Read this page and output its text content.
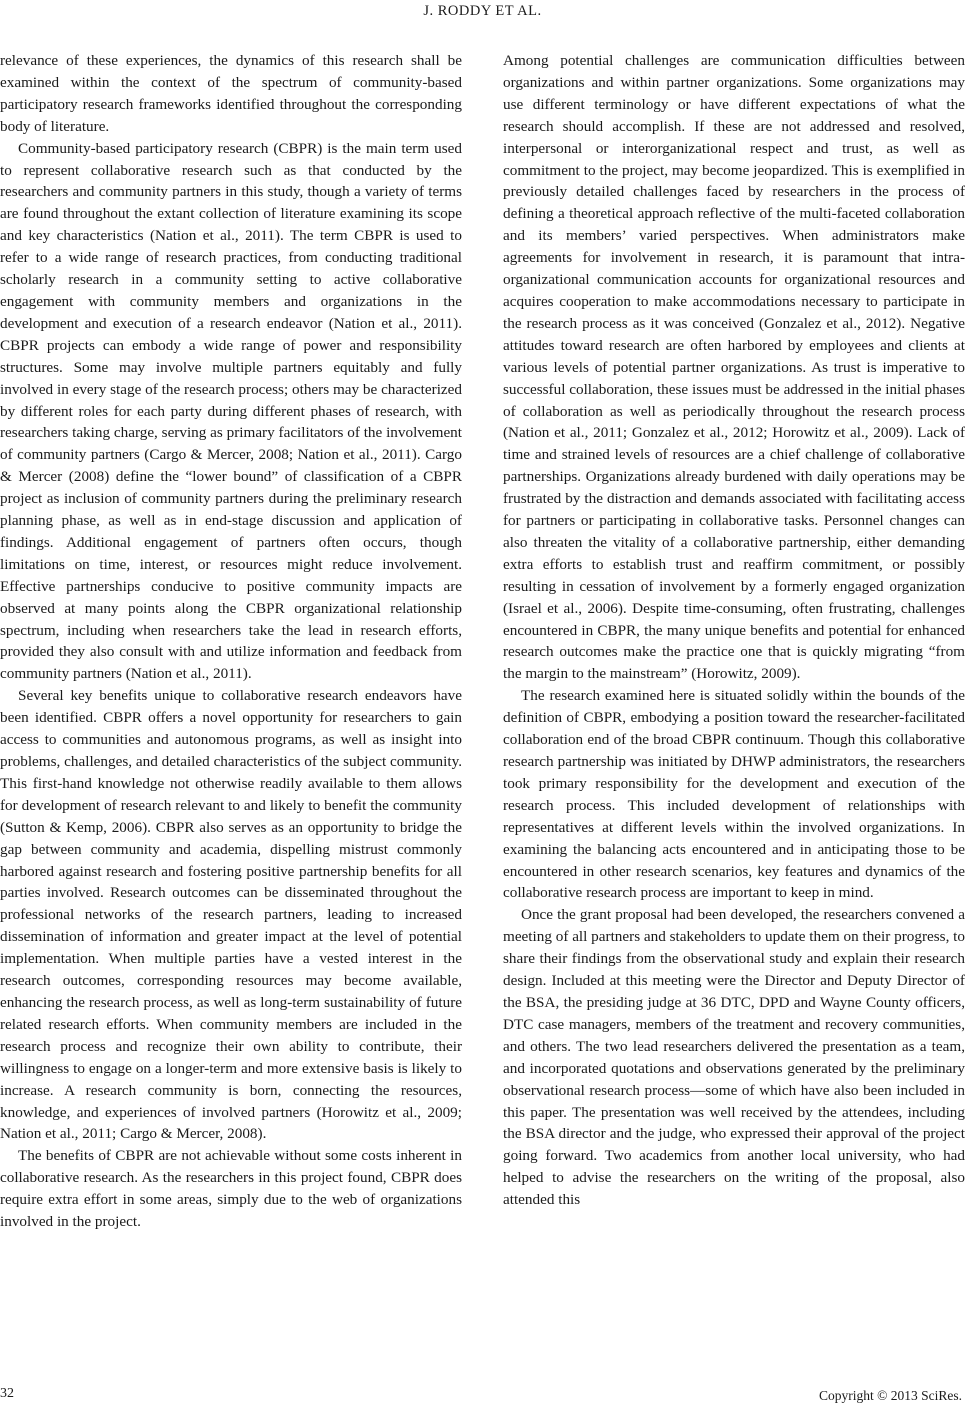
J. RODDY ET AL.

relevance of these experiences, the dynamics of this research shall be examined within the context of the spectrum of community-based participatory research frameworks identified throughout the corresponding body of literature.

Community-based participatory research (CBPR) is the main term used to represent collaborative research such as that conducted by the researchers and community partners in this study, though a variety of terms are found throughout the extant collection of literature examining its scope and key characteristics (Nation et al., 2011). The term CBPR is used to refer to a wide range of research practices, from conducting traditional scholarly research in a community setting to active collaborative engagement with community members and organizations in the development and execution of a research endeavor (Nation et al., 2011). CBPR projects can embody a wide range of power and responsibility structures. Some may involve multiple partners equitably and fully involved in every stage of the research process; others may be characterized by different roles for each party during different phases of research, with researchers taking charge, serving as primary facilitators of the involvement of community partners (Cargo & Mercer, 2008; Nation et al., 2011). Cargo & Mercer (2008) define the “lower bound” of classification of a CBPR project as inclusion of community partners during the preliminary research planning phase, as well as in end-stage discussion and application of findings. Additional engagement of partners often occurs, though limitations on time, interest, or resources might reduce involvement. Effective partnerships conducive to positive community impacts are observed at many points along the CBPR organizational relationship spectrum, including when researchers take the lead in research efforts, provided they also consult with and utilize information and feedback from community partners (Nation et al., 2011).

Several key benefits unique to collaborative research endeavors have been identified. CBPR offers a novel opportunity for researchers to gain access to communities and autonomous programs, as well as insight into problems, challenges, and detailed characteristics of the subject community. This first-hand knowledge not otherwise readily available to them allows for development of research relevant to and likely to benefit the community (Sutton & Kemp, 2006). CBPR also serves as an opportunity to bridge the gap between community and academia, dispelling mistrust commonly harbored against research and fostering positive partnership benefits for all parties involved. Research outcomes can be disseminated throughout the professional networks of the research partners, leading to increased dissemination of information and greater impact at the level of potential implementation. When multiple parties have a vested interest in the research outcomes, corresponding resources may become available, enhancing the research process, as well as long-term sustainability of future related research efforts. When community members are included in the research process and recognize their own ability to contribute, their willingness to engage on a longer-term and more extensive basis is likely to increase. A research community is born, connecting the resources, knowledge, and experiences of involved partners (Horowitz et al., 2009; Nation et al., 2011; Cargo & Mercer, 2008).

The benefits of CBPR are not achievable without some costs inherent in collaborative research. As the researchers in this project found, CBPR does require extra effort in some areas, simply due to the web of organizations involved in the project.

Among potential challenges are communication difficulties between organizations and within partner organizations. Some organizations may use different terminology or have different expectations of what the research should accomplish. If these are not addressed and resolved, interpersonal or interorganizational respect and trust, as well as commitment to the project, may become jeopardized. This is exemplified in previously detailed challenges faced by researchers in the process of defining a theoretical approach reflective of the multi-faceted collaboration and its members’ varied perspectives. When administrators make agreements for involvement in research, it is paramount that intra-organizational communication accounts for organizational resources and acquires cooperation to make accommodations necessary to participate in the research process as it was conceived (Gonzalez et al., 2012). Negative attitudes toward research are often harbored by employees and clients at various levels of potential partner organizations. As trust is imperative to successful collaboration, these issues must be addressed in the initial phases of collaboration as well as periodically throughout the research process (Nation et al., 2011; Gonzalez et al., 2012; Horowitz et al., 2009). Lack of time and strained levels of resources are a chief challenge of collaborative partnerships. Organizations already burdened with daily operations may be frustrated by the distraction and demands associated with facilitating access for partners or participating in collaborative tasks. Personnel changes can also threaten the vitality of a collaborative partnership, either demanding extra efforts to establish trust and reaffirm commitment, or possibly resulting in cessation of involvement by a formerly engaged organization (Israel et al., 2006). Despite time-consuming, often frustrating, challenges encountered in CBPR, the many unique benefits and potential for enhanced research outcomes make the practice one that is quickly migrating “from the margin to the mainstream” (Horowitz, 2009).

The research examined here is situated solidly within the bounds of the definition of CBPR, embodying a position toward the researcher-facilitated collaboration end of the broad CBPR continuum. Though this collaborative research partnership was initiated by DHWP administrators, the researchers took primary responsibility for the development and execution of the research process. This included development of relationships with representatives at different levels within the involved organizations. In examining the balancing acts encountered and in anticipating those to be encountered in other research scenarios, key features and dynamics of the collaborative research process are important to keep in mind.

Once the grant proposal had been developed, the researchers convened a meeting of all partners and stakeholders to update them on their progress, to share their findings from the observational study and explain their research design. Included at this meeting were the Director and Deputy Director of the BSA, the presiding judge at 36 DTC, DPD and Wayne County officers, DTC case managers, members of the treatment and recovery communities, and others. The two lead researchers delivered the presentation as a team, and incorporated quotations and observations generated by the preliminary observational research process—some of which have also been included in this paper. The presentation was well received by the attendees, including the BSA director and the judge, who expressed their approval of the project going forward. Two academics from another local university, who had helped to advise the researchers on the writing of the proposal, also attended this

32	Copyright © 2013 SciRes.
